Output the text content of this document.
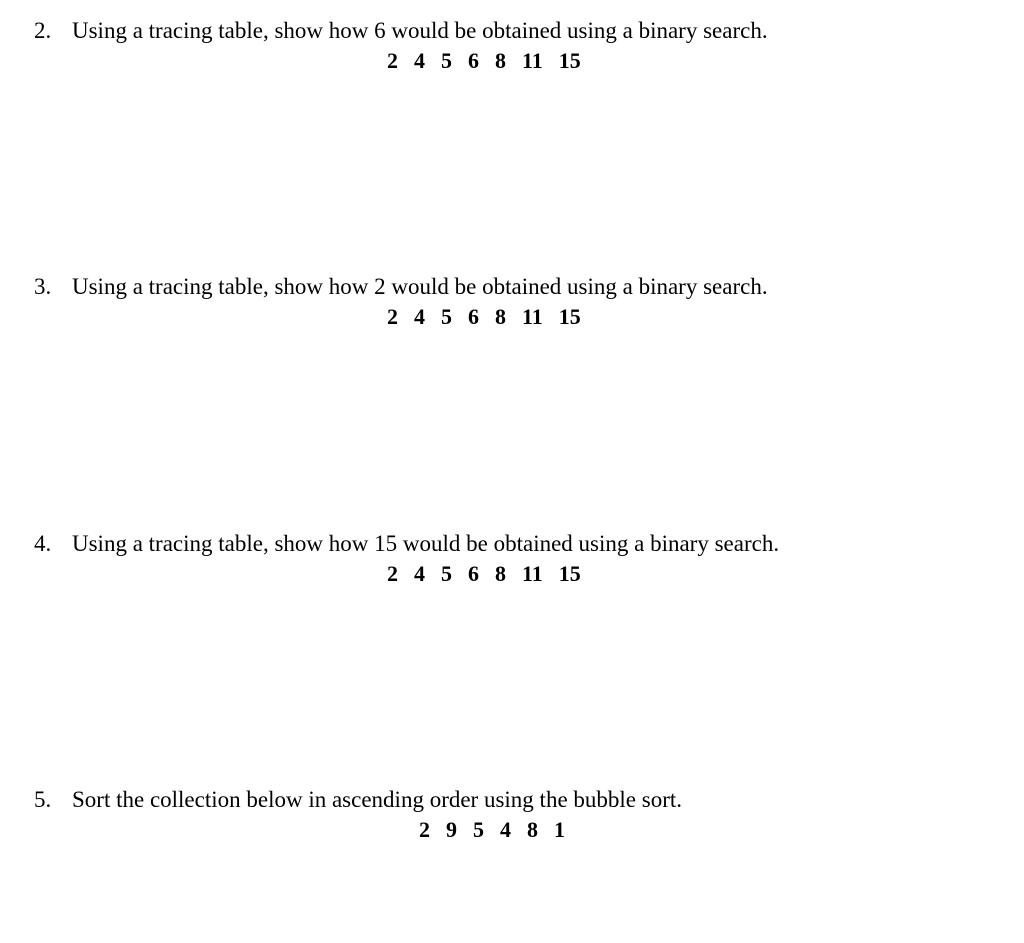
2. Using a tracing table, show how 6 would be obtained using a binary search.
2 4 5 6 8 11 15
3. Using a tracing table, show how 2 would be obtained using a binary search.
2 4 5 6 8 11 15
4. Using a tracing table, show how 15 would be obtained using a binary search.
2 4 5 6 8 11 15
5. Sort the collection below in ascending order using the bubble sort.
2 9 5 4 8 1
